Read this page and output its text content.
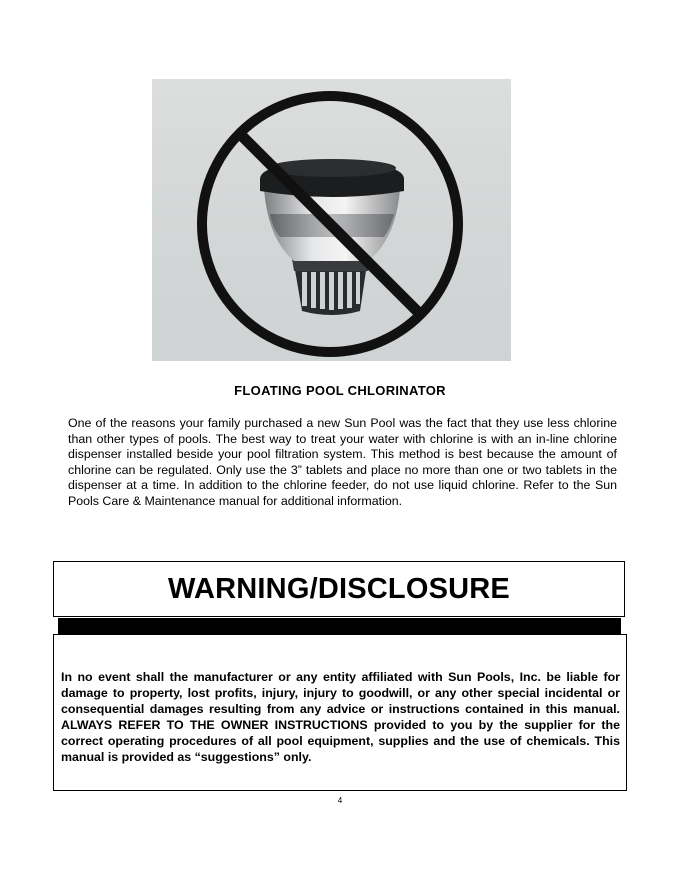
FLOATING POOL CHLORINATOR

One of the reasons your family purchased a new Sun Pool was the fact that they use less chlorine than other types of pools. The best way to treat your water with chlorine is with an in-line chlorine dispenser installed beside your pool filtration system. This method is best because the amount of chlorine can be regulated. Only use the 3” tablets and place no more than one or two tablets in the dispenser at a time. In addition to the chlorine feeder, do not use liquid chlorine. Refer to the Sun Pools Care & Maintenance manual for additional information.

WARNING/DISCLOSURE

In no event shall the manufacturer or any entity affiliated with Sun Pools, Inc. be liable for damage to property, lost profits, injury, injury to goodwill, or any other special incidental or consequential damages resulting from any advice or instructions contained in this manual. ALWAYS REFER TO THE OWNER INSTRUCTIONS provided to you by the supplier for the correct operating procedures of all pool equipment, supplies and the use of chemicals. This manual is provided as “suggestions” only.

4
